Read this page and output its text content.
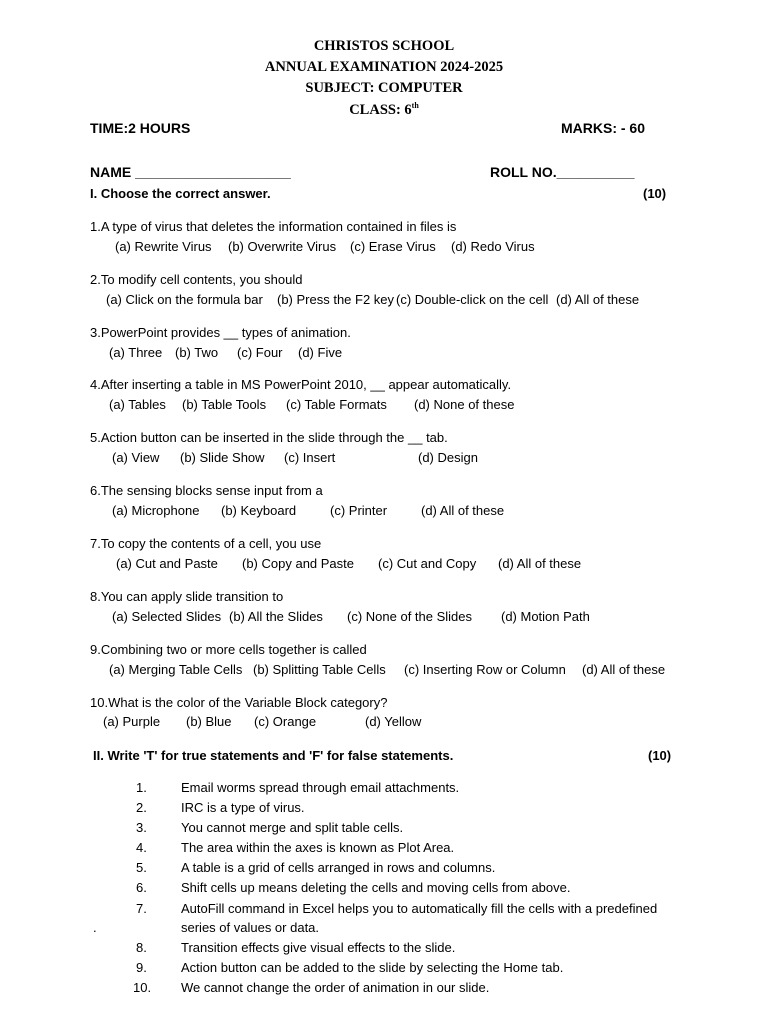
CHRISTOS SCHOOL
ANNUAL EXAMINATION 2024-2025
SUBJECT: COMPUTER
CLASS: 6th
TIME:2 HOURS	MARKS: - 60
NAME ____________________	ROLL NO.__________
I. Choose the correct answer.	(10)
1.A type of virus that deletes the information contained in files is
(a) Rewrite Virus (b) Overwrite Virus (c) Erase Virus (d) Redo Virus
2.To modify cell contents, you should
(a) Click on the formula bar (b) Press the F2 key (c) Double-click on the cell (d) All of these
3.PowerPoint provides __ types of animation.
(a) Three (b) Two (c) Four (d) Five
4.After inserting a table in MS PowerPoint 2010, __ appear automatically.
(a) Tables (b) Table Tools (c) Table Formats (d) None of these
5.Action button can be inserted in the slide through the __ tab.
(a) View (b) Slide Show (c) Insert	(d) Design
6.The sensing blocks sense input from a
(a) Microphone (b) Keyboard	(c) Printer	(d) All of these
7.To copy the contents of a cell, you use
(a) Cut and Paste (b) Copy and Paste (c) Cut and Copy (d) All of these
8.You can apply slide transition to
(a) Selected Slides (b) All the Slides (c) None of the Slides (d) Motion Path
9.Combining two or more cells together is called
(a) Merging Table Cells (b) Splitting Table Cells (c) Inserting Row or Column (d) All of these
10.What is the color of the Variable Block category?
(a) Purple (b) Blue (c) Orange	(d) Yellow
II. Write 'T' for true statements and 'F' for false statements.	(10)
1.	Email worms spread through email attachments.
2.	IRC is a type of virus.
3.	You cannot merge and split table cells.
4.	The area within the axes is known as Plot Area.
5.	A table is a grid of cells arranged in rows and columns.
6.	Shift cells up means deleting the cells and moving cells from above.
7.	AutoFill command in Excel helps you to automatically fill the cells with a predefined
.	series of values or data.
8.	Transition effects give visual effects to the slide.
9.	Action button can be added to the slide by selecting the Home tab.
10. We cannot change the order of animation in our slide.
